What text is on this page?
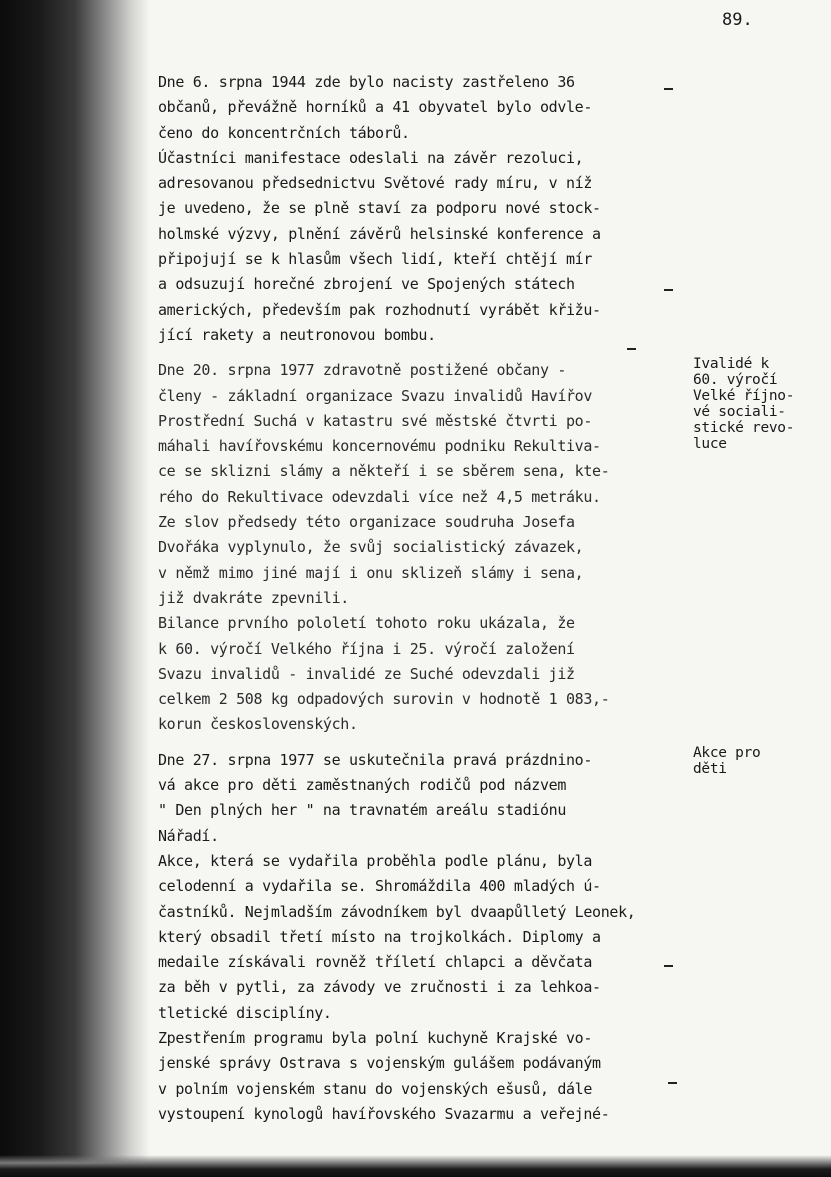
89.
Dne 6. srpna 1944 zde bylo nacisty zastřeleno 36
občanů, převážně horníků a 41 obyvatel bylo odvle-
čeno do koncentrčních táborů.
Účastníci manifestace odeslali na závěr rezoluci,
adresovanou předsednictvu Světové rady míru, v níž
je uvedeno, že se plně staví za podporu nové stock-
holmské výzvy, plnění závěrů helsinské konference a
připojují se k hlasům všech lidí, kteří chtějí mír
a odsuzují horečné zbrojení ve Spojených státech
amerických, především pak rozhodnutí vyrábět křižu-
jící rakety a neutronovou bombu.
Dne 20. srpna 1977 zdravotně postižené občany -
členy - základní organizace Svazu invalidů Havířov
Prostřední Suchá v katastru své městské čtvrti po-
máhali havířovskému koncernovému podniku Rekultiva-
ce se sklizni slámy a někteří i se sběrem sena, kte-
rého do Rekultivace odevzdali více než 4,5 metráku.
Ze slov předsedy této organizace soudruha Josefa
Dvořáka vyplynulo, že svůj socialistický závazek,
v němž mimo jiné mají i onu sklizeň slámy i sena,
již dvakráte zpevnili.
Bilance prvního pololetí tohoto roku ukázala, že
k 60. výročí Velkého října i 25. výročí založení
Svazu invalidů - invalidé ze Suché odevzdali již
celkem 2 508 kg odpadových surovin v hodnotě 1 083,-
korun československých.
Dne 27. srpna 1977 se uskutečnila pravá prázdnino-
vá akce pro děti zaměstnaných rodičů pod názvem
" Den plných her " na travnatém areálu stadiónu
Nářadí.
Akce, která se vydařila proběhla podle plánu, byla
celodenní a vydařila se. Shromáždila 400 mladých ú-
častníků. Nejmladším závodníkem byl dvaapůlletý Leonek,
který obsadil třetí místo na trojkolkách. Diplomy a
medaile získávali rovněž tříletí chlapci a děvčata
za běh v pytli, za závody ve zručnosti i za lehkoa-
tletické disciplíny.
Zpestřením programu byla polní kuchyně Krajské vo-
jenské správy Ostrava s vojenským gulášem podávaným
v polním vojenském stanu do vojenských ešusů, dále
vystoupení kynologů havířovského Svazarmu a veřejné-
Ivalidé k
60. výročí
Velké říjno-
vé sociali-
stické revo-
luce
Akce pro
děti
